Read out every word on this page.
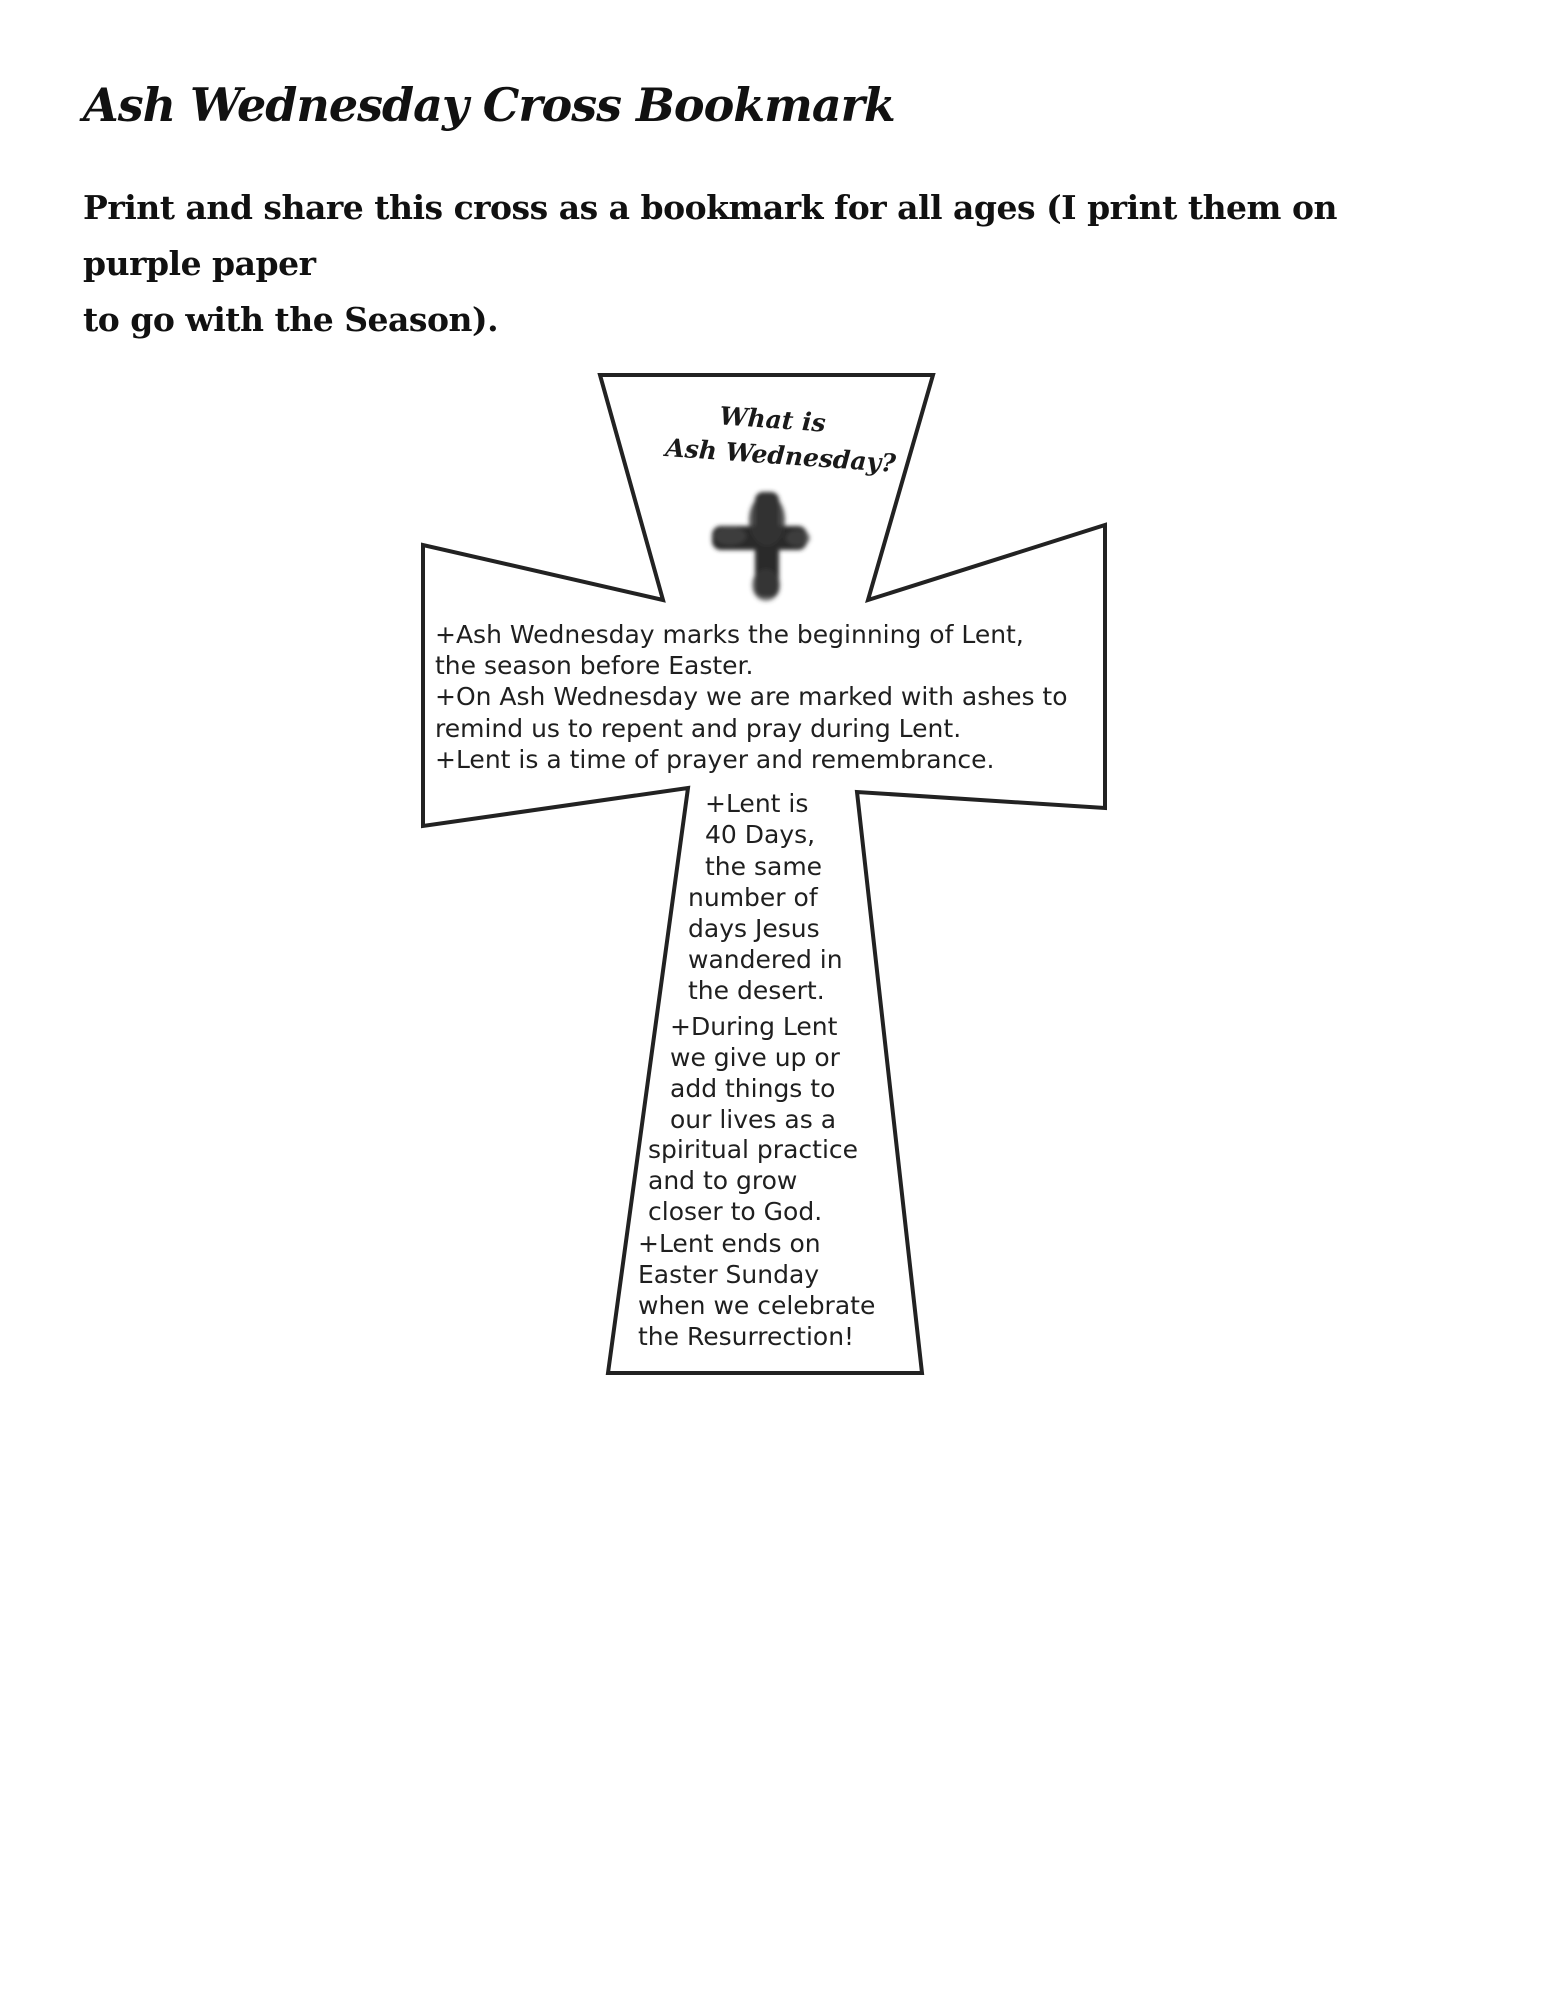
Ash Wednesday Cross Bookmark

Print and share this cross as a bookmark for all ages (I print them on purple paper
to go with the Season).

What is
Ash Wednesday?
+Ash Wednesday marks the beginning of Lent,
the season before Easter.
+On Ash Wednesday we are marked with ashes to
remind us to repent and pray during Lent.
+Lent is a time of prayer and remembrance.
+Lent is
40 Days,
the same
number of
days Jesus
wandered in
the desert.
+During Lent
we give up or
add things to
our lives as a
spiritual practice
and to grow
closer to God.
+Lent ends on
Easter Sunday
when we celebrate
the Resurrection!
